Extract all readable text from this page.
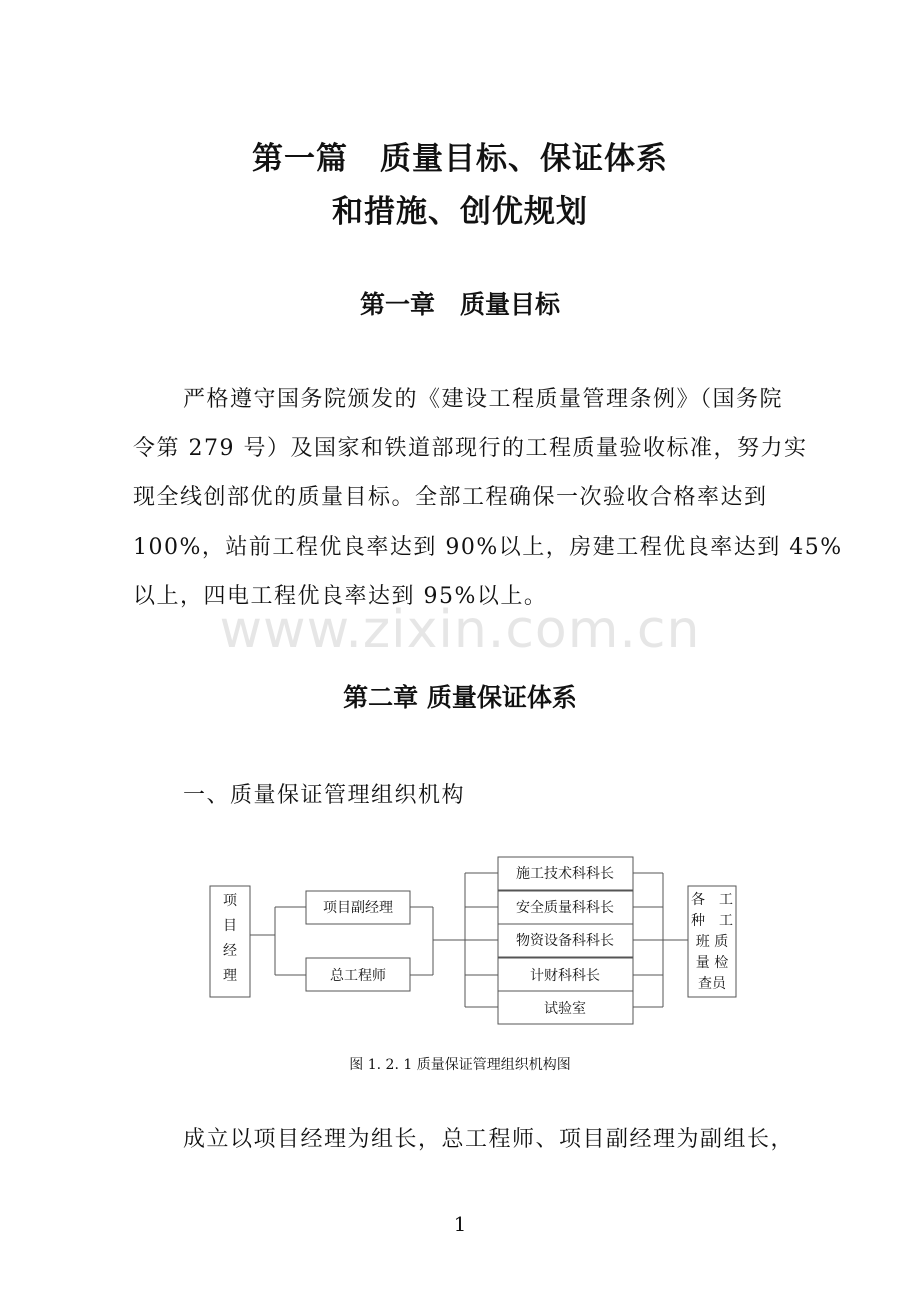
第一篇　质量目标、保证体系
和措施、创优规划
第一章　质量目标
严格遵守国务院颁发的《建设工程质量管理条例》（国务院
令第 279 号）及国家和铁道部现行的工程质量验收标准，努力实
现全线创部优的质量目标。全部工程确保一次验收合格率达到
100%，站前工程优良率达到 90%以上，房建工程优良率达到 45%
以上，四电工程优良率达到 95%以上。
www.zixin.com.cn
第二章 质量保证体系
一、质量保证管理组织机构
项
目
经
理
项目副经理
总工程师
施工技术科科长
安全质量科科长
物资设备科科长
计财科科长
试验室
各　工
种　工
班 质
量 检
查员
图 1. 2. 1 质量保证管理组织机构图
成立以项目经理为组长，总工程师、项目副经理为副组长，
1
